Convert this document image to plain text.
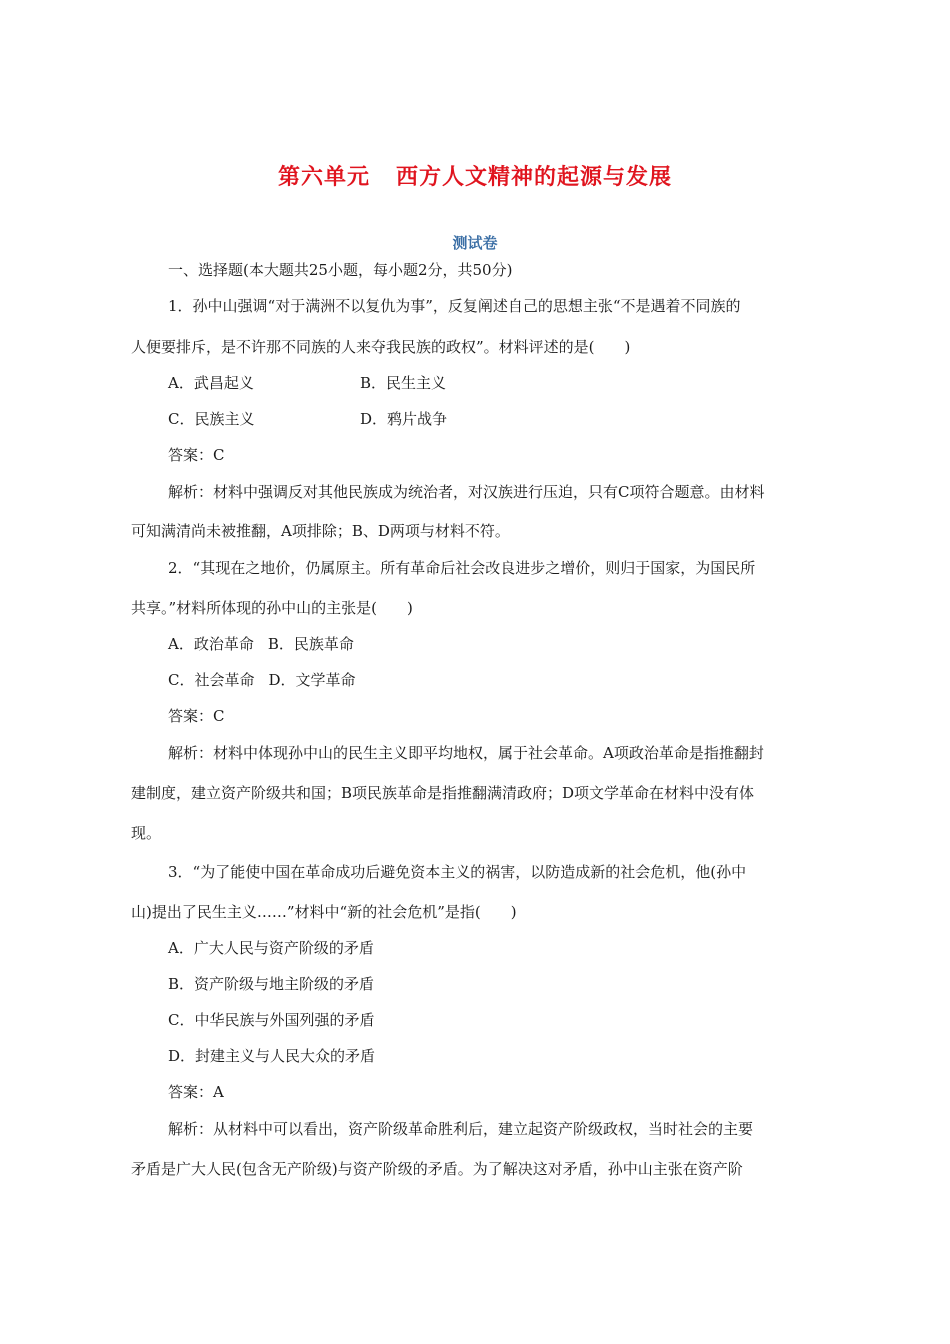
第六单元 西方人文精神的起源与发展
测试卷
一、选择题(本大题共25小题，每小题2分，共50分)
1．孙中山强调“对于满洲不以复仇为事”，反复阐述自己的思想主张“不是遇着不同族的
人便要排斥，是不许那不同族的人来夺我民族的政权”。材料评述的是(　　)
A．武昌起义	B．民生主义
C．民族主义	D．鸦片战争
答案：C
解析：材料中强调反对其他民族成为统治者，对汉族进行压迫，只有C项符合题意。由材料
可知满清尚未被推翻，A项排除；B、D两项与材料不符。
2．“其现在之地价，仍属原主。所有革命后社会改良进步之增价，则归于国家，为国民所
共享。”材料所体现的孙中山的主张是(　　)
A．政治革命 B．民族革命
C．社会革命 D．文学革命
答案：C
解析：材料中体现孙中山的民生主义即平均地权，属于社会革命。A项政治革命是指推翻封
建制度，建立资产阶级共和国；B项民族革命是指推翻满清政府；D项文学革命在材料中没有体
现。
3．“为了能使中国在革命成功后避免资本主义的祸害，以防造成新的社会危机，他(孙中
山)提出了民生主义……”材料中“新的社会危机”是指(　　)
A．广大人民与资产阶级的矛盾
B．资产阶级与地主阶级的矛盾
C．中华民族与外国列强的矛盾
D．封建主义与人民大众的矛盾
答案：A
解析：从材料中可以看出，资产阶级革命胜利后，建立起资产阶级政权，当时社会的主要
矛盾是广大人民(包含无产阶级)与资产阶级的矛盾。为了解决这对矛盾，孙中山主张在资产阶
